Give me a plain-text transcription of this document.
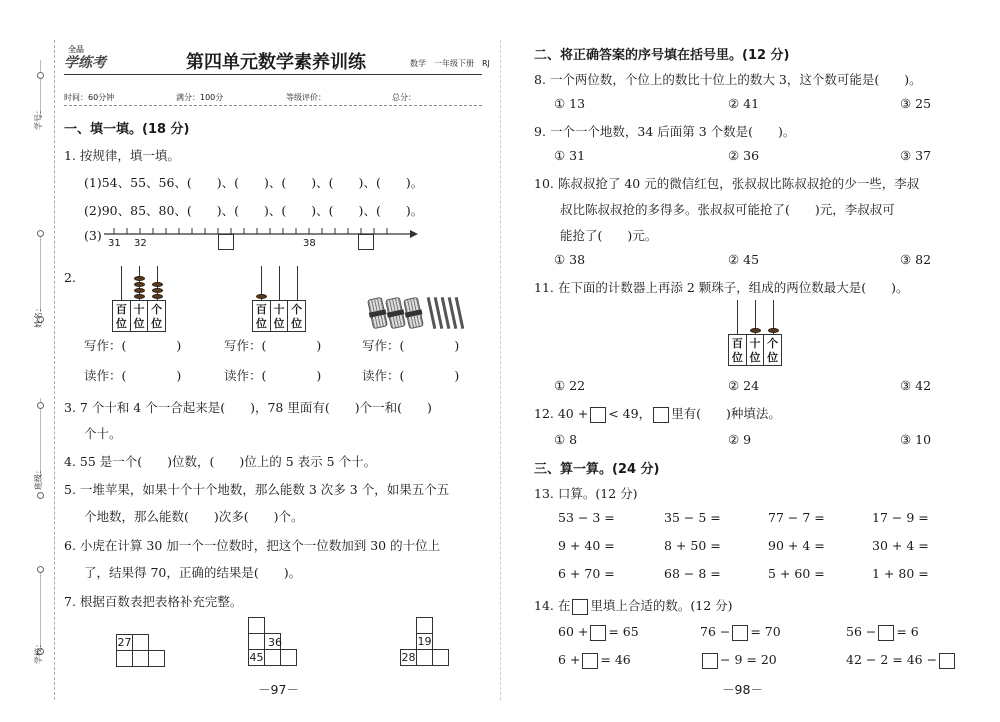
学号：
姓名：
班级：
学校：
全品
学练考	第四单元数学素养训练	数学　一年级下册　RJ
时间：60分钟	满分：100分	等级评价：	总分：
一、填一填。(18 分)
1. 按规律，填一填。
(1)54、55、56、(　　)、(　　)、(　　)、(　　)、(　　)。
(2)90、85、80、(　　)、(　　)、(　　)、(　　)、(　　)。
(3)
31 32	38
2.
百
位
十
位
个
位
百
位
十
位
个
位
写作：(　　　　)	写作：(　　　　)	写作：(　　　　)
读作：(　　　　)	读作：(　　　　)	读作：(　　　　)
3. 7 个十和 4 个一合起来是(　　)，78 里面有(　　)个一和(　　)
个十。
4. 55 是一个(　　)位数，(　　)位上的 5 表示 5 个十。
5. 一堆苹果，如果十个十个地数，那么能数 3 次多 3 个，如果五个五
个地数，那么能数(　　)次多(　　)个。
6. 小虎在计算 30 加一个一位数时，把这个一位数加到 30 的十位上
了，结果得 70，正确的结果是(　　)。
7. 根据百数表把表格补充完整。
27		

45		
36

		19	
28		
－97－
二、将正确答案的序号填在括号里。(12 分)
8. 一个两位数，个位上的数比十位上的数大 3，这个数可能是(　　)。
① 13	② 41	③ 25
9. 一个一个地数，34 后面第 3 个数是(　　)。
① 31	② 36	③ 37
10. 陈叔叔抢了 40 元的微信红包，张叔叔比陈叔叔抢的少一些，李叔
叔比陈叔叔抢的多得多。张叔叔可能抢了(　　)元，李叔叔可
能抢了(　　)元。
① 38	② 45	③ 82
11. 在下面的计数器上再添 2 颗珠子，组成的两位数最大是(　　)。
百
位
十
位
个
位
① 22	② 24	③ 42
12. 40 + < 49， 里有(　　)种填法。
① 8	② 9	③ 10
三、算一算。(24 分)
13. 口算。(12 分)
53 − 3 =	35 − 5 =	77 − 7 =	17 − 9 =
9 + 40 =	8 + 50 =	90 + 4 =	30 + 4 =
6 + 70 =	68 − 8 =	5 + 60 =	1 + 80 =
14. 在 里填上合适的数。(12 分)
60 + = 65	76 − = 70	56 − = 6
6 + = 46	− 9 = 20	42 − 2 = 46 −
－98－
